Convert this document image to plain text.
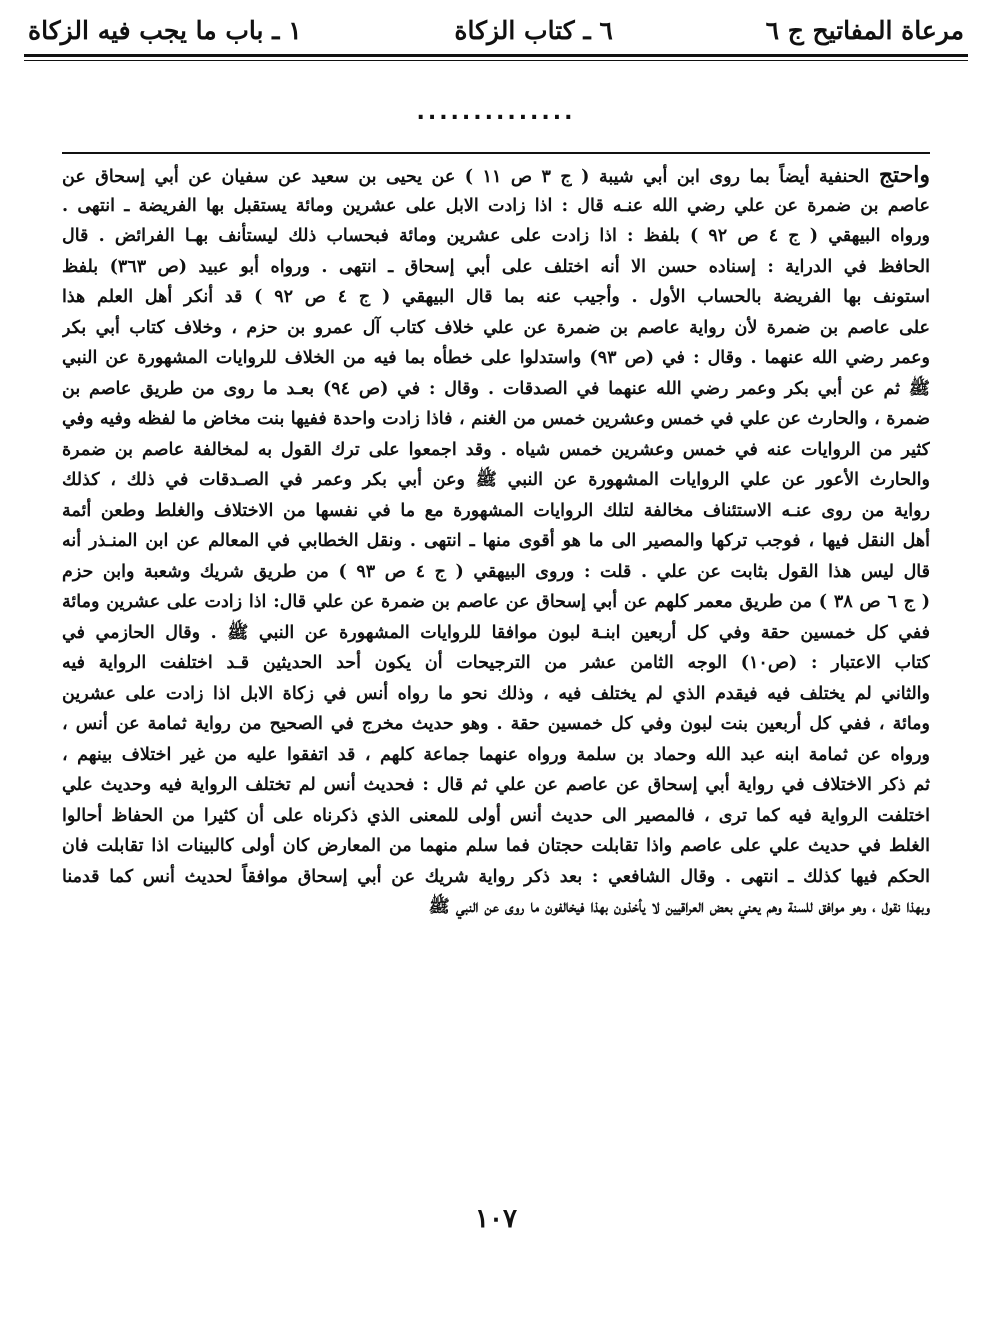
مرعاة المفاتيح ج ٦
٦ ـ كتاب الزكاة
١ ـ باب ما يجب فيه الزكاة
..............
واحتج الحنفية أيضاً بما روى ابن أبي شيبة ( ج ٣ ص ١١ ) عن يحيى بن سعيد عن سفيان عن أبي إسحاق عن
عاصم بن ضمرة عن علي رضي الله عنـه قال : اذا زادت الابل على عشرين ومائة يستقبل بها الفريضة ـ انتهى .
ورواه البيهقي ( ج ٤ ص ٩٢ ) بلفظ : اذا زادت على عشرين ومائة فبحساب ذلك ليستأنف بهـا الفرائض . قال
الحافظ في الدراية : إسناده حسن الا أنه اختلف على أبي إسحاق ـ انتهى . ورواه أبو عبيد (ص ٣٦٣) بلفظ
استونف بها الفريضة بالحساب الأول . وأجيب عنه بما قال البيهقي ( ج ٤ ص ٩٢ ) قد أنكر أهل العلم هذا
على عاصم بن ضمرة لأن رواية عاصم بن ضمرة عن علي خلاف كتاب آل عمرو بن حزم ، وخلاف كتاب أبي بكر
وعمر رضي الله عنهما . وقال : في (ص ٩٣) واستدلوا على خطأه بما فيه من الخلاف للروايات المشهورة عن النبي
ﷺ ثم عن أبي بكر وعمر رضي الله عنهما في الصدقات . وقال : في (ص ٩٤) بعـد ما روى من طريق عاصم بن
ضمرة ، والحارث عن علي في خمس وعشرين خمس من الغنم ، فاذا زادت واحدة ففيها بنت مخاض ما لفظه وفيه وفي
كثير من الروايات عنه في خمس وعشرين خمس شياه . وقد اجمعوا على ترك القول به لمخالفة عاصم بن ضمرة
والحارث الأعور عن علي الروايات المشهورة عن النبي ﷺ وعن أبي بكر وعمر في الصـدقات في ذلك ، كذلك
رواية من روى عنـه الاستئناف مخالفة لتلك الروايات المشهورة مع ما في نفسها من الاختلاف والغلط وطعن أئمة
أهل النقل فيها ، فوجب تركها والمصير الى ما هو أقوى منها ـ انتهى . ونقل الخطابي في المعالم عن ابن المنـذر أنه
قال ليس هذا القول بثابت عن علي . قلت : وروى البيهقي ( ج ٤ ص ٩٣ ) من طريق شريك وشعبة وابن حزم
( ج ٦ ص ٣٨ ) من طريق معمر كلهم عن أبي إسحاق عن عاصم بن ضمرة عن علي قال: اذا زادت على عشرين ومائة
ففي كل خمسين حقة وفي كل أربعين ابنـة لبون موافقا للروايات المشهورة عن النبي ﷺ . وقال الحازمي في
كتاب الاعتبار : (ص١٠) الوجه الثامن عشر من الترجيحات أن يكون أحد الحديثين قـد اختلفت الرواية فيه
والثاني لم يختلف فيه فيقدم الذي لم يختلف فيه ، وذلك نحو ما رواه أنس في زكاة الابل اذا زادت على عشرين
ومائة ، ففي كل أربعين بنت لبون وفي كل خمسين حقة . وهو حديث مخرج في الصحيح من رواية ثمامة عن أنس ،
ورواه عن ثمامة ابنه عبد الله وحماد بن سلمة ورواه عنهما جماعة كلهم ، قد اتفقوا عليه من غير اختلاف بينهم ،
ثم ذكر الاختلاف في رواية أبي إسحاق عن عاصم عن علي ثم قال : فحديث أنس لم تختلف الرواية فيه وحديث علي
اختلفت الرواية فيه كما ترى ، فالمصير الى حديث أنس أولى للمعنى الذي ذكرناه على أن كثيرا من الحفاظ أحالوا
الغلط في حديث علي على عاصم واذا تقابلت حجتان فما سلم منهما من المعارض كان أولى كالبينات اذا تقابلت فان
الحكم فيها كذلك ـ انتهى . وقال الشافعي : بعد ذكر رواية شريك عن أبي إسحاق موافقاً لحديث أنس كما قدمنا
وبهذا نقول ، وهو موافق للسنة وهم يعني بعض العراقيين لا يأخذون بهذا فيخالفون ما روى عن النبي ﷺ
١٠٧
